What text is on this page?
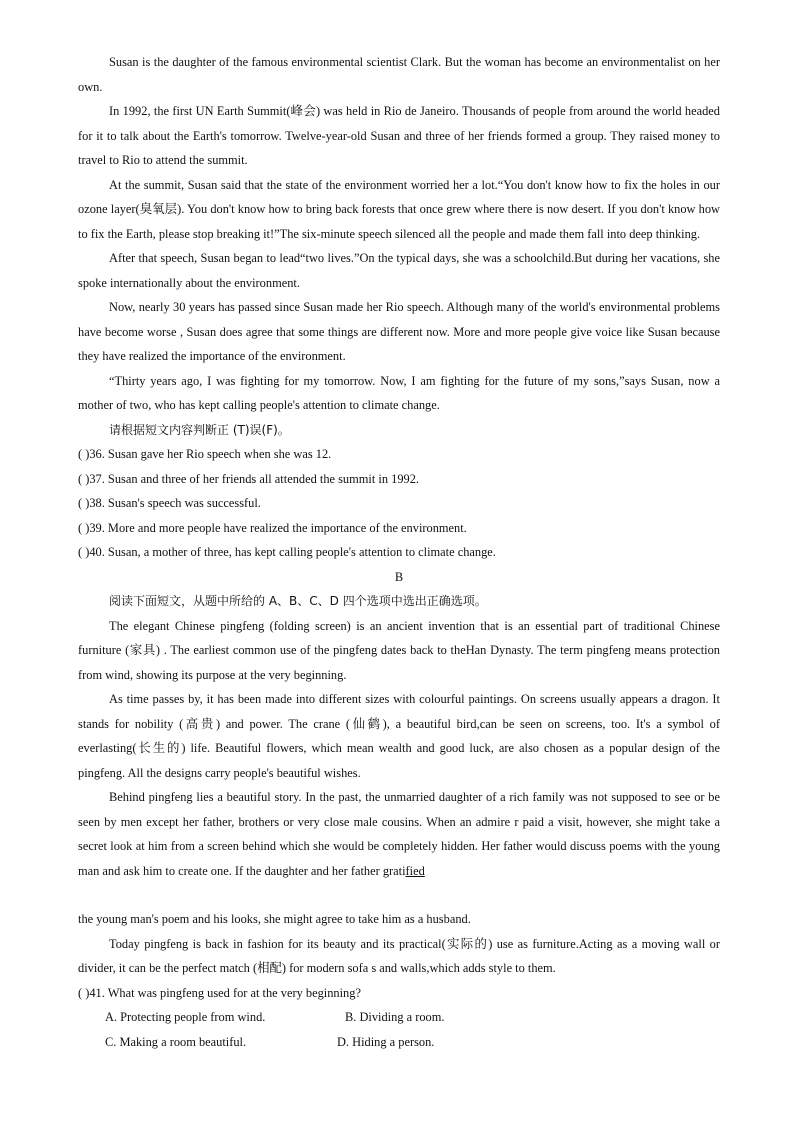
Susan is the daughter of the famous environmental scientist Clark. But the woman has become an environmentalist on her own.

In 1992, the first UN Earth Summit(峰会) was held in Rio de Janeiro. Thousands of people from around the world headed for it to talk about the Earth's tomorrow. Twelve-year-old Susan and three of her friends formed a group. They raised money to travel to Rio to attend the summit.

At the summit, Susan said that the state of the environment worried her a lot.“You don't know how to fix the holes in our ozone layer(臭氧层). You don't know how to bring back forests that once grew where there is now desert. If you don't know how to fix the Earth, please stop breaking it!”The six-minute speech silenced all the people and made them fall into deep thinking.

After that speech, Susan began to lead“two lives.”On the typical days, she was a schoolchild.But during her vacations, she spoke internationally about the environment.

Now, nearly 30 years has passed since Susan made her Rio speech. Although many of the world's environmental problems have become worse , Susan does agree that some things are different now. More and more people give voice like Susan because they have realized the importance of the environment.

“Thirty years ago, I was fighting for my tomorrow. Now, I am fighting for the future of my sons,”says Susan, now a mother of two, who has kept calling people's attention to climate change.

请根据短文内容判断正 (T)误(F)。

( )36. Susan gave her Rio speech when she was 12.

( )37. Susan and three of her friends all attended the summit in 1992.

( )38. Susan's speech was successful.

( )39. More and more people have realized the importance of the environment.

( )40. Susan, a mother of three, has kept calling people's attention to climate change.

B

阅读下面短文，从题中所给的 A、B、C、D 四个选项中选出正确选项。

The elegant Chinese pingfeng (folding screen) is an ancient invention that is an essential part of traditional Chinese furniture (家具) . The earliest common use of the pingfeng dates back to theHan Dynasty. The term pingfeng means protection from wind, showing its purpose at the very beginning.

As time passes by, it has been made into different sizes with colourful paintings. On screens usually appears a dragon. It stands for nobility (高贵) and power. The crane (仙鹤), a beautiful bird,can be seen on screens, too. It's a symbol of everlasting(长生的) life. Beautiful flowers, which mean wealth and good luck, are also chosen as a popular design of the pingfeng. All the designs carry people's beautiful wishes.

Behind pingfeng lies a beautiful story. In the past, the unmarried daughter of a rich family was not supposed to see or be seen by men except her father, brothers or very close male cousins. When an admire r paid a visit, however, she might take a secret look at him from a screen behind which she would be completely hidden. Her father would discuss poems with the young man and ask him to create one. If the daughter and her father gratified

the young man's poem and his looks, she might agree to take him as a husband.

Today pingfeng is back in fashion for its beauty and its practical(实际的) use as furniture.Acting as a moving wall or divider, it can be the perfect match (相配) for modern sofa s and walls,which adds style to them.

( )41. What was pingfeng used for at the very beginning?

A. Protecting people from wind.	B. Dividing a room.
C. Making a room beautiful.	D. Hiding a person.
